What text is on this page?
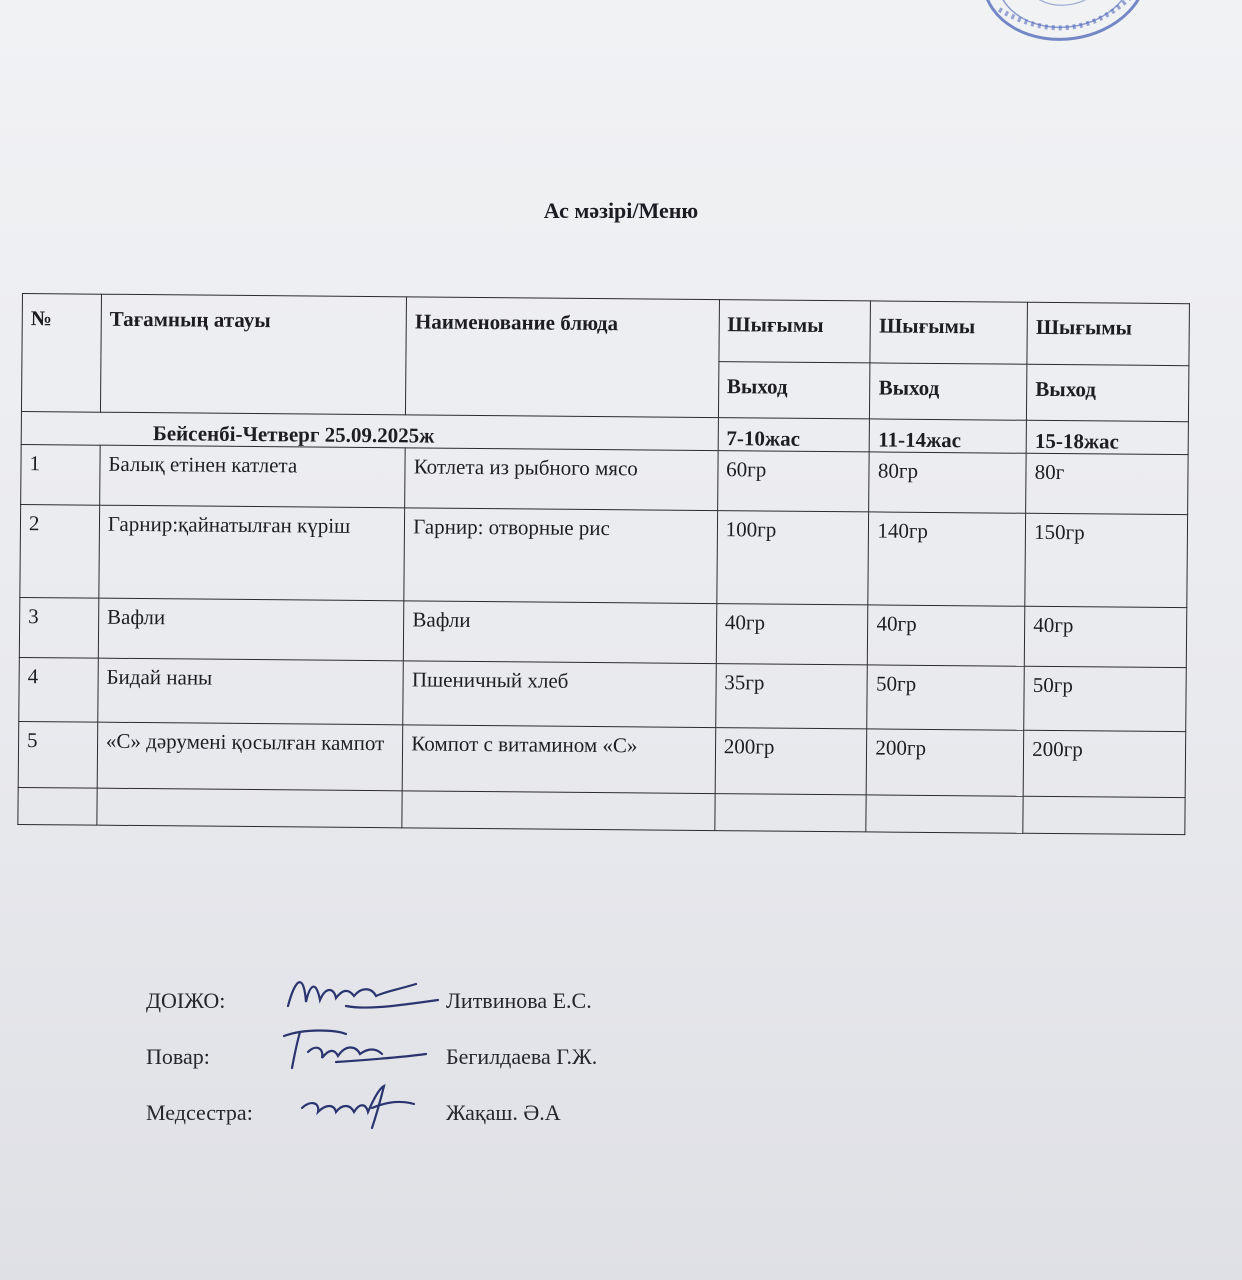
Ас мәзірі/Меню
№	Тағамның атауы	Наименование блюда	Шығымы	Шығымы	Шығымы
			Выход	Выход	Выход
Бейсенбі-Четверг 25.09.2025ж			7-10жас	11-14жас	15-18жас
1	Балық етінен катлета	Котлета из рыбного мясо	60гр	80гр	80г
2	Гарнир:қайнатылған күріш	Гарнир: отворные рис	100гр	140гр	150гр
3	Вафли	Вафли	40гр	40гр	40гр
4	Бидай наны	Пшеничный хлеб	35гр	50гр	50гр
5	«С» дәрумені қосылған кампот	Компот с витамином «С»	200гр	200гр	200гр

ДОІЖО:	Литвинова Е.С.
Повар:	Бегилдаева Г.Ж.
Медсестра:	Жақаш. Ә.А
